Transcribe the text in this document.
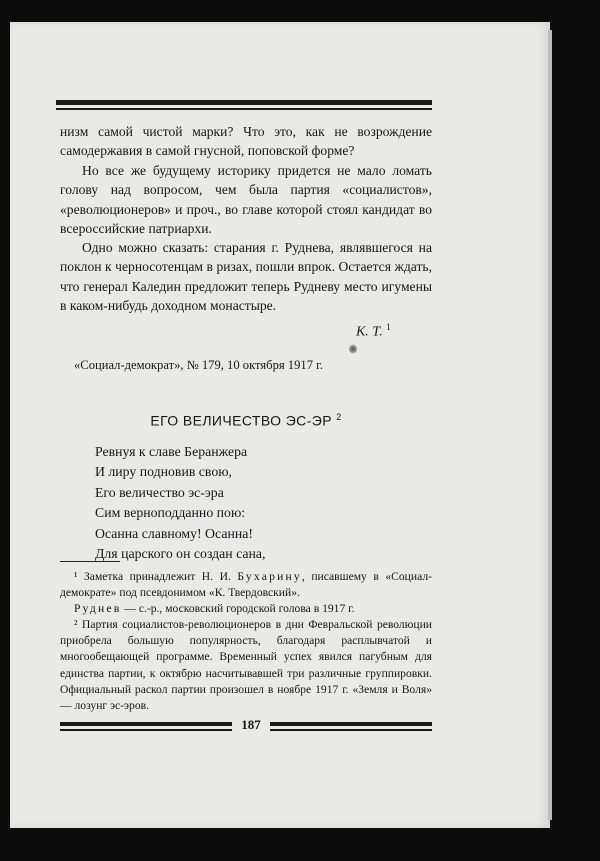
низм самой чистой марки? Что это, как не возрождение самодержавия в самой гнусной, поповской форме?

Но все же будущему историку придется не мало ломать голову над вопросом, чем была партия «социалистов», «революционеров» и проч., во главе которой стоял кандидат во всероссийские патриархи.

Одно можно сказать: старания г. Руднева, являвшегося на поклон к черносотенцам в ризах, пошли впрок. Остается ждать, что генерал Каледин предложит теперь Рудневу место игумены в каком-нибудь доходном монастыре.

К. Т. $^1$
«Социал-демократ», № 179, 10 октября 1917 г.
ЕГО ВЕЛИЧЕСТВО ЭС-ЭР $^2$
Ревнуя к славе Беранжера
И лиру подновив свою,
Его величество эс-эра
Сим верноподданно пою:
Осанна славному! Осанна!
Для царского он создан сана,

¹ Заметка принадлежит Н. И. Бухарину, писавшему в «Социал-демократе» под псевдонимом «К. Твердовский».

Руднев — с.-р., московский городской голова в 1917 г.

² Партия социалистов-революционеров в дни Февральской революции приобрела большую популярность, благодаря расплывчатой и многообещающей программе. Временный успех явился пагубным для единства партии, к октябрю насчитывавшей три различные группировки. Официальный раскол партии произошел в ноябре 1917 г. «Земля и Воля» — лозунг эс-эров.

187
